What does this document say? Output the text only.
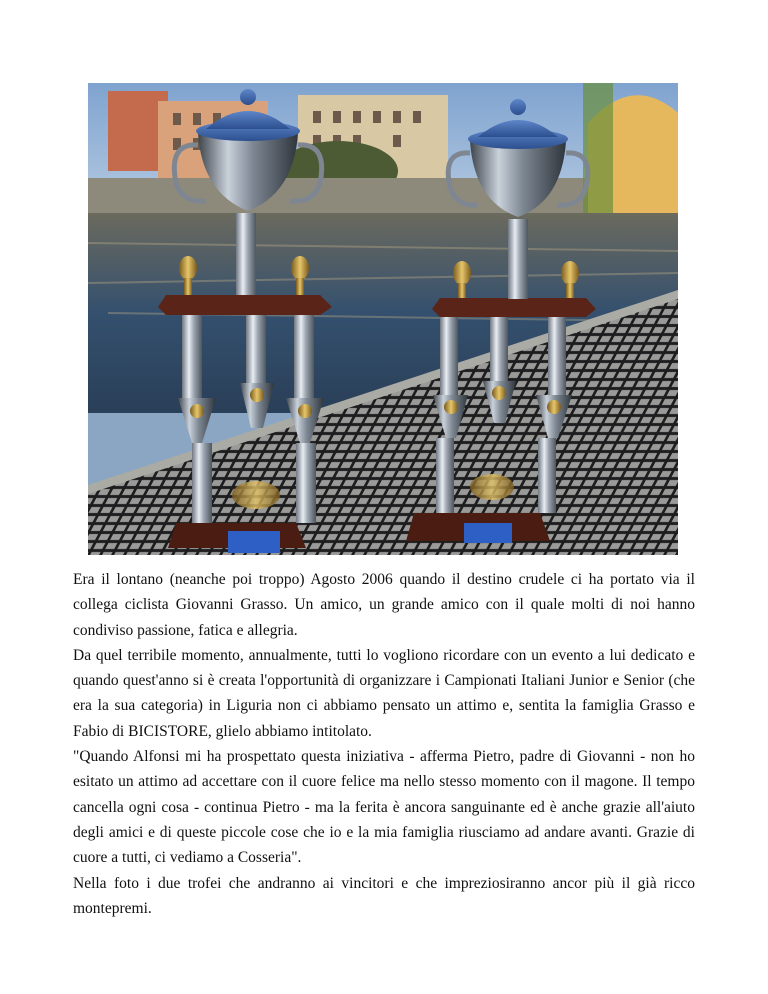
Era il lontano (neanche poi troppo) Agosto 2006 quando il destino crudele ci ha portato via il collega ciclista Giovanni Grasso. Un amico, un grande amico con il quale molti di noi hanno condiviso passione, fatica e allegria.

Da quel terribile momento, annualmente, tutti lo vogliono ricordare con un evento a lui dedicato e quando quest'anno si è creata l'opportunità di organizzare i Campionati Italiani Junior e Senior (che era la sua categoria) in Liguria non ci abbiamo pensato un attimo e, sentita la famiglia Grasso e Fabio di BICISTORE, glielo abbiamo intitolato.

"Quando Alfonsi mi ha prospettato questa iniziativa - afferma Pietro, padre di Giovanni - non ho esitato un attimo ad accettare con il cuore felice ma nello stesso momento con il magone. Il tempo cancella ogni cosa - continua Pietro - ma la ferita è ancora sanguinante ed è anche grazie all'aiuto degli amici e di queste piccole cose che io e la mia famiglia riusciamo ad andare avanti. Grazie di cuore a tutti, ci vediamo a Cosseria".

Nella foto i due trofei che andranno ai vincitori e che impreziosiranno ancor più il già ricco montepremi.
